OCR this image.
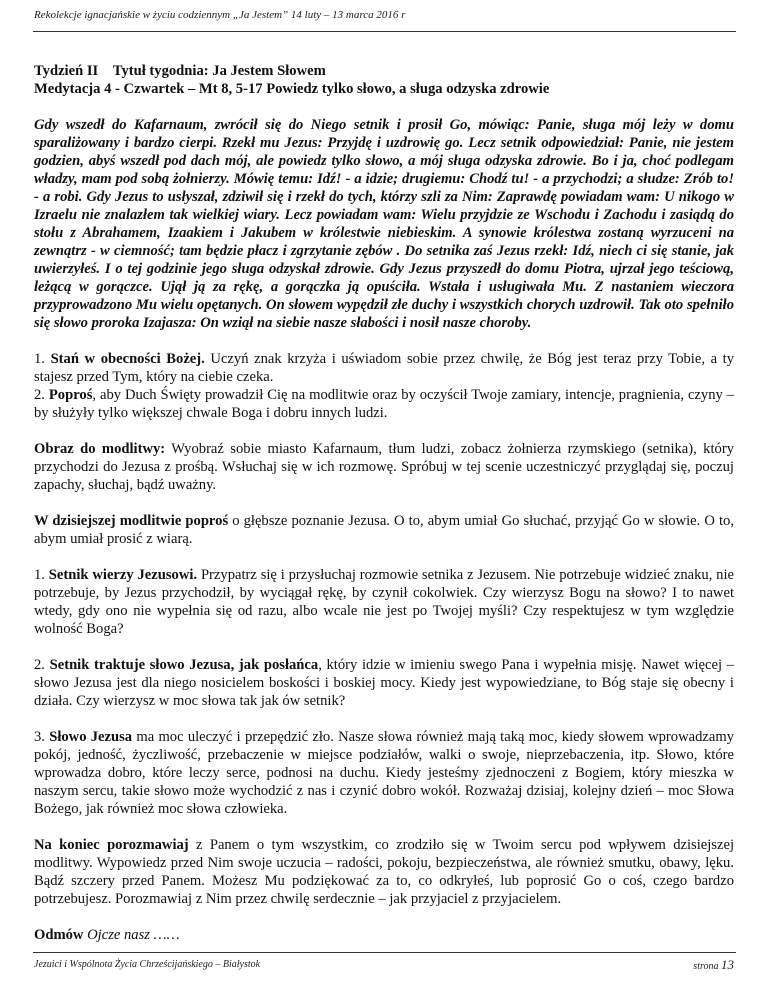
Rekolekcje ignacjańskie w życiu codziennym „Ja Jestem” 14 luty – 13 marca 2016 r
Tydzień II Tytuł tygodnia: Ja Jestem Słowem
Medytacja 4 - Czwartek – Mt 8, 5-17 Powiedz tylko słowo, a sługa odzyska zdrowie

Gdy wszedł do Kafarnaum, zwrócił się do Niego setnik i prosił Go, mówiąc: Panie, sługa mój leży w domu sparaliżowany i bardzo cierpi. Rzekł mu Jezus: Przyjdę i uzdrowię go. Lecz setnik odpowiedział: Panie, nie jestem godzien, abyś wszedł pod dach mój, ale powiedz tylko słowo, a mój sługa odzyska zdrowie. Bo i ja, choć podlegam władzy, mam pod sobą żołnierzy. Mówię temu: Idź! - a idzie; drugiemu: Chodź tu! - a przychodzi; a słudze: Zrób to! - a robi. Gdy Jezus to usłyszał, zdziwił się i rzekł do tych, którzy szli za Nim: Zaprawdę powiadam wam: U nikogo w Izraelu nie znalazłem tak wielkiej wiary. Lecz powiadam wam: Wielu przyjdzie ze Wschodu i Zachodu i zasiądą do stołu z Abrahamem, Izaakiem i Jakubem w królestwie niebieskim. A synowie królestwa zostaną wyrzuceni na zewnątrz - w ciemność; tam będzie płacz i zgrzytanie zębów . Do setnika zaś Jezus rzekł: Idź, niech ci się stanie, jak uwierzyłeś. I o tej godzinie jego sługa odzyskał zdrowie. Gdy Jezus przyszedł do domu Piotra, ujrzał jego teściową, leżącą w gorączce. Ujął ją za rękę, a gorączka ją opuściła. Wstała i usługiwała Mu. Z nastaniem wieczora przyprowadzono Mu wielu opętanych. On słowem wypędził złe duchy i wszystkich chorych uzdrowił. Tak oto spełniło się słowo proroka Izajasza: On wziął na siebie nasze słabości i nosił nasze choroby.

1. Stań w obecności Bożej. Uczyń znak krzyża i uświadom sobie przez chwilę, że Bóg jest teraz przy Tobie, a ty stajesz przed Tym, który na ciebie czeka.
2. Poproś, aby Duch Święty prowadził Cię na modlitwie oraz by oczyścił Twoje zamiary, intencje, pragnienia, czyny – by służyły tylko większej chwale Boga i dobru innych ludzi.

Obraz do modlitwy: Wyobraź sobie miasto Kafarnaum, tłum ludzi, zobacz żołnierza rzymskiego (setnika), który przychodzi do Jezusa z prośbą. Wsłuchaj się w ich rozmowę. Spróbuj w tej scenie uczestniczyć przyglądaj się, poczuj zapachy, słuchaj, bądź uważny.

W dzisiejszej modlitwie poproś o głębsze poznanie Jezusa. O to, abym umiał Go słuchać, przyjąć Go w słowie. O to, abym umiał prosić z wiarą.

1. Setnik wierzy Jezusowi. Przypatrz się i przysłuchaj rozmowie setnika z Jezusem. Nie potrzebuje widzieć znaku, nie potrzebuje, by Jezus przychodził, by wyciągał rękę, by czynił cokolwiek. Czy wierzysz Bogu na słowo? I to nawet wtedy, gdy ono nie wypełnia się od razu, albo wcale nie jest po Twojej myśli? Czy respektujesz w tym względzie wolność Boga?

2. Setnik traktuje słowo Jezusa, jak posłańca, który idzie w imieniu swego Pana i wypełnia misję. Nawet więcej – słowo Jezusa jest dla niego nosicielem boskości i boskiej mocy. Kiedy jest wypowiedziane, to Bóg staje się obecny i działa. Czy wierzysz w moc słowa tak jak ów setnik?

3. Słowo Jezusa ma moc uleczyć i przepędzić zło. Nasze słowa również mają taką moc, kiedy słowem wprowadzamy pokój, jedność, życzliwość, przebaczenie w miejsce podziałów, walki o swoje, nieprzebaczenia, itp. Słowo, które wprowadza dobro, które leczy serce, podnosi na duchu. Kiedy jesteśmy zjednoczeni z Bogiem, który mieszka w naszym sercu, takie słowo może wychodzić z nas i czynić dobro wokół. Rozważaj dzisiaj, kolejny dzień – moc Słowa Bożego, jak również moc słowa człowieka.

Na koniec porozmawiaj z Panem o tym wszystkim, co zrodziło się w Twoim sercu pod wpływem dzisiejszej modlitwy. Wypowiedz przed Nim swoje uczucia – radości, pokoju, bezpieczeństwa, ale również smutku, obawy, lęku. Bądź szczery przed Panem. Możesz Mu podziękować za to, co odkryłeś, lub poprosić Go o coś, czego bardzo potrzebujesz. Porozmawiaj z Nim przez chwilę serdecznie – jak przyjaciel z przyjacielem.

Odmów Ojcze nasz ……

Jezuici i Wspólnota Życia Chrześcijańskiego – Białystok	strona 13
